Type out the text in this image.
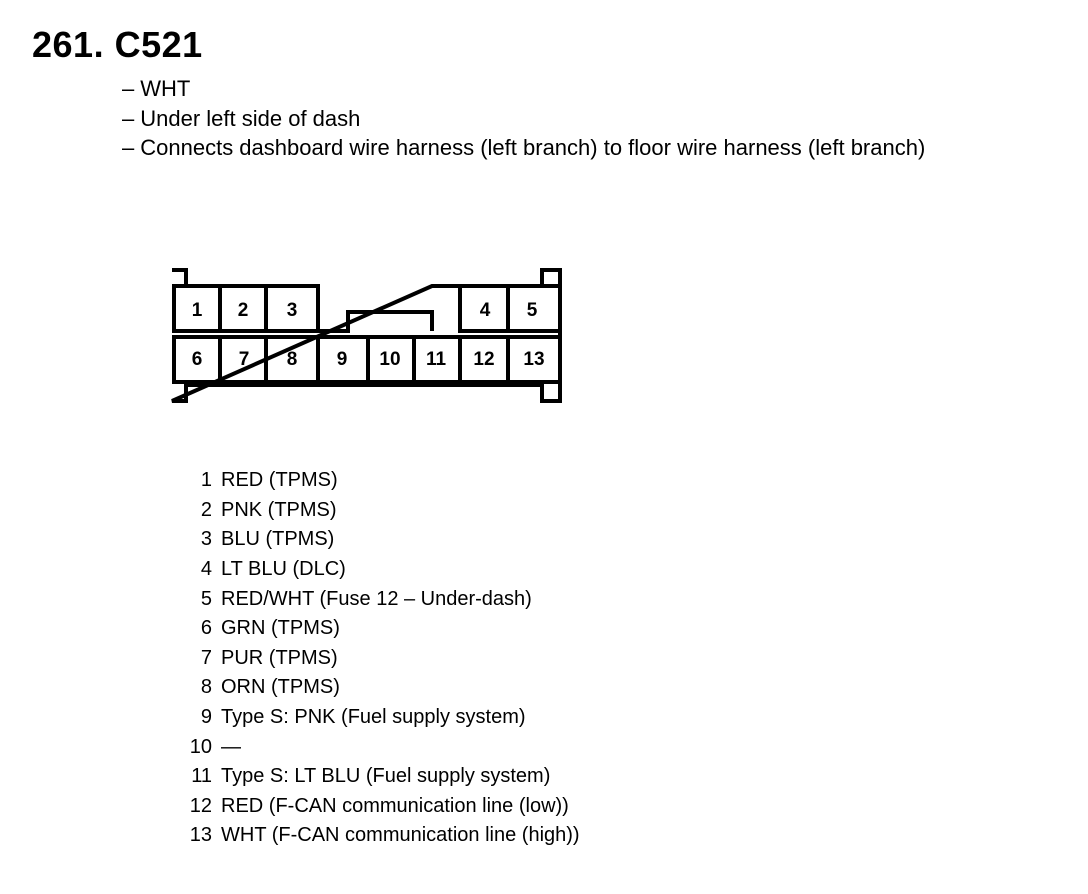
261. C521
– WHT
– Under left side of dash
– Connects dashboard wire harness (left branch) to floor wire harness (left branch)
1 2 3	4 5
6 7 8 9 10 11 12 13
1 RED (TPMS)
2 PNK (TPMS)
3 BLU (TPMS)
4 LT BLU (DLC)
5 RED/WHT (Fuse 12 – Under-dash)
6 GRN (TPMS)
7 PUR (TPMS)
8 ORN (TPMS)
9 Type S: PNK (Fuel supply system)
10 —
11 Type S: LT BLU (Fuel supply system)
12 RED (F-CAN communication line (low))
13 WHT (F-CAN communication line (high))
